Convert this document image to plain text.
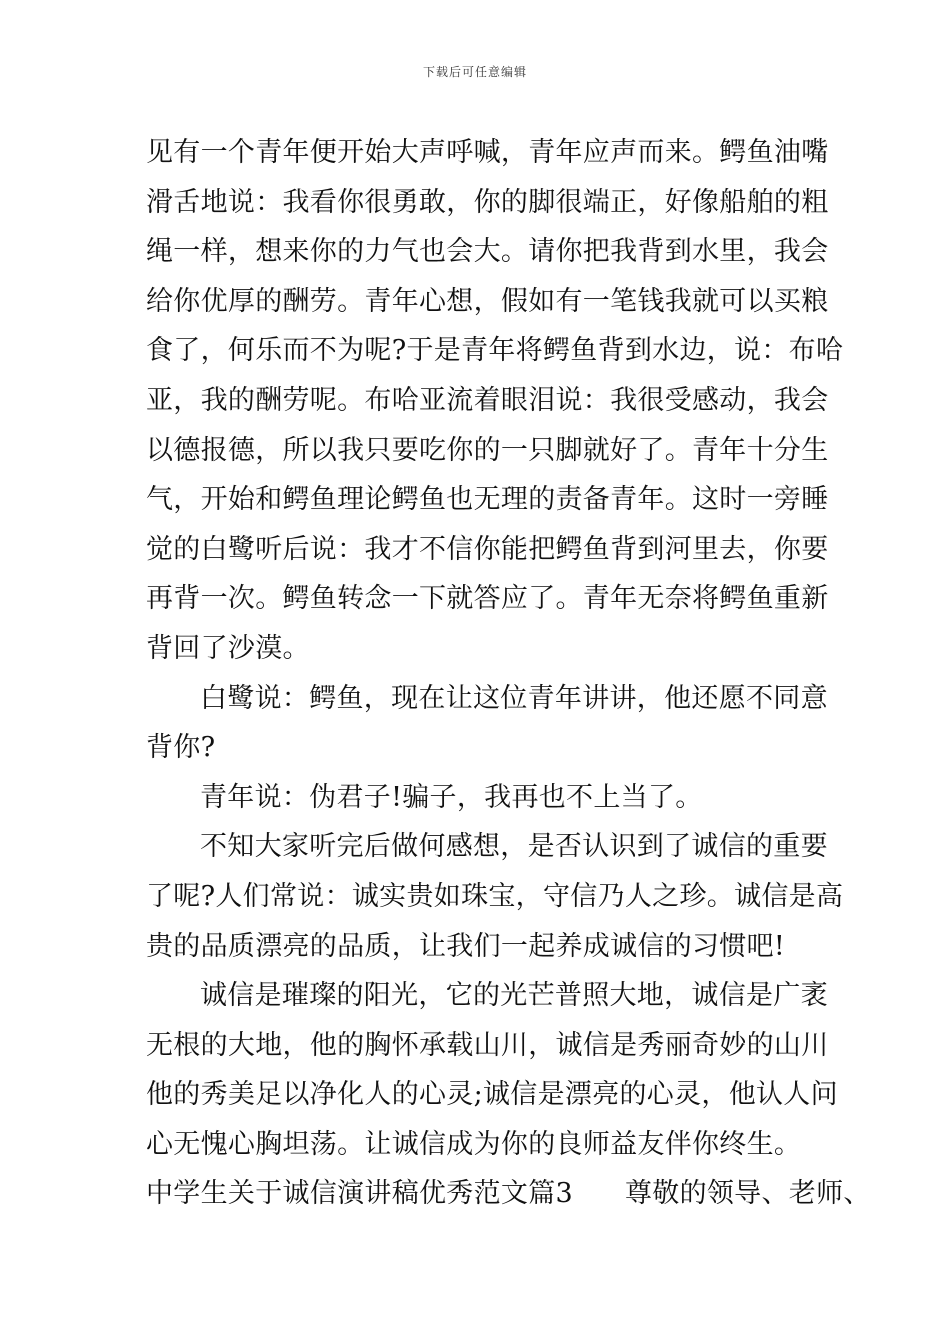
下载后可任意编辑

见有一个青年便开始大声呼喊，青年应声而来。鳄鱼油嘴
滑舌地说：我看你很勇敢，你的脚很端正，好像船舶的粗
绳一样，想来你的力气也会大。请你把我背到水里，我会
给你优厚的酬劳。青年心想，假如有一笔钱我就可以买粮
食了，何乐而不为呢?于是青年将鳄鱼背到水边，说：布哈
亚，我的酬劳呢。布哈亚流着眼泪说：我很受感动，我会
以德报德，所以我只要吃你的一只脚就好了。青年十分生
气，开始和鳄鱼理论鳄鱼也无理的责备青年。这时一旁睡
觉的白鹭听后说：我才不信你能把鳄鱼背到河里去，你要
再背一次。鳄鱼转念一下就答应了。青年无奈将鳄鱼重新
背回了沙漠。

白鹭说：鳄鱼，现在让这位青年讲讲，他还愿不同意
背你?

青年说：伪君子!骗子，我再也不上当了。

不知大家听完后做何感想，是否认识到了诚信的重要
了呢?人们常说：诚实贵如珠宝，守信乃人之珍。诚信是高
贵的品质漂亮的品质，让我们一起养成诚信的习惯吧!

诚信是璀璨的阳光，它的光芒普照大地，诚信是广袤
无根的大地，他的胸怀承载山川，诚信是秀丽奇妙的山川
他的秀美足以净化人的心灵;诚信是漂亮的心灵，他认人问
心无愧心胸坦荡。让诚信成为你的良师益友伴你终生。

中学生关于诚信演讲稿优秀范文篇3 尊敬的领导、老师、
